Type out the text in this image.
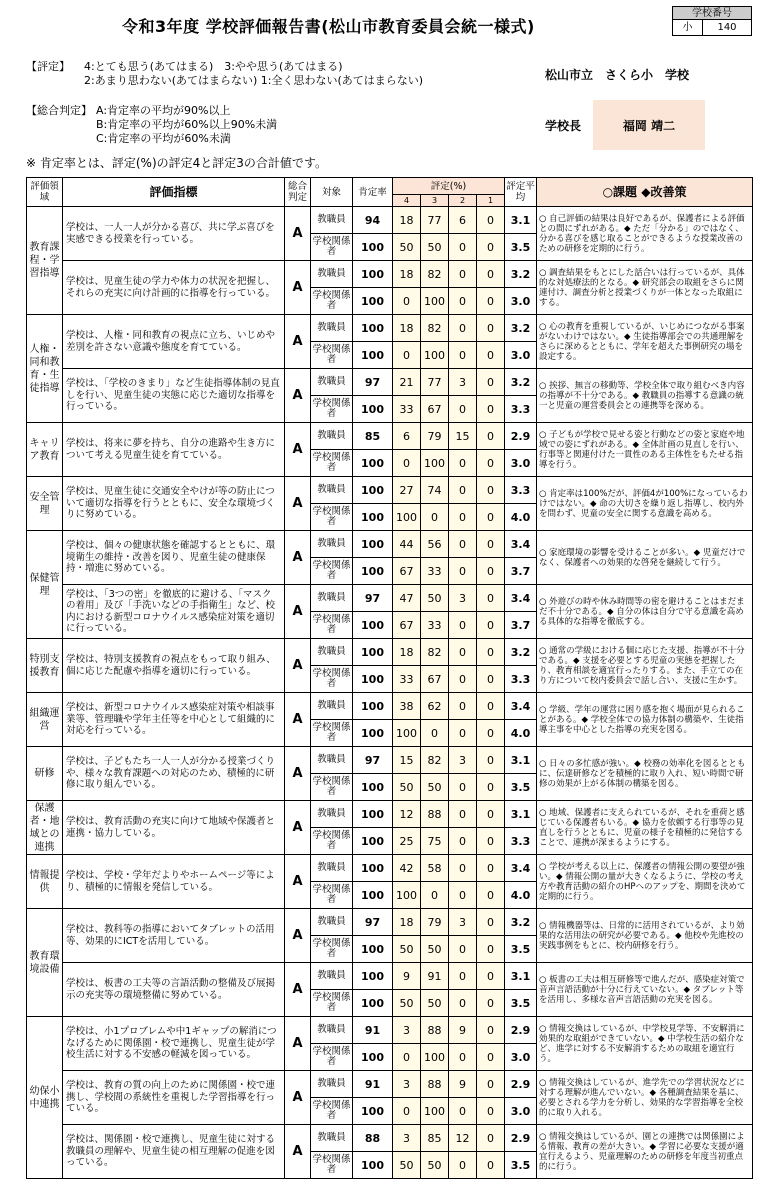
令和3年度 学校評価報告書(松山市教育委員会統一様式)
学校番号
小	140
【評定】	4:とても思う(あてはまる)　3:やや思う(あてはまる)
2:あまり思わない(あてはまらない) 1:全く思わない(あてはまらない)
【総合判定】 A:肯定率の平均が90%以上
B:肯定率の平均が60%以上90%未満
C:肯定率の平均が60%未満
松山市立 さくら小 学校
学校長	福岡 靖二
※ 肯定率とは、評定(%)の評定4と評定3の合計値です。
評価領域	評価指標	総合判定	対象	肯定率	評定(%)				評定平均	○課題 ◆改善策
					4	3	2	1		
教育課程・学習指導	学校は、一人一人が分かる喜び、共に学ぶ喜びを実感できる授業を行っている。	A	教職員	94	18	77	6	0	3.1	○ 自己評価の結果は良好であるが、保護者による評価との間にずれがある。◆ ただ「分かる」のではなく、分かる喜びを感じ取ることができるような授業改善のための研修を定期的に行う。
			学校関係者	100	50	50	0	0	3.5	
	学校は、児童生徒の学力や体力の状況を把握し、それらの充実に向け計画的に指導を行っている。	A	教職員	100	18	82	0	0	3.2	○ 調査結果をもとにした話合いは行っているが、具体的な対処療法的となる。◆ 研究部会の取組をさらに関連付け、調査分析と授業づくりが一体となった取組にする。
			学校関係者	100	0	100	0	0	3.0	
人権・同和教育・生徒指導	学校は、人権・同和教育の視点に立ち、いじめや差別を許さない意識や態度を育てている。	A	教職員	100	18	82	0	0	3.2	○ 心の教育を重視しているが、いじめにつながる事案がないわけではない。◆ 生徒指導部会での共通理解をさらに深めるとともに、学年を超えた事例研究の場を設定する。
			学校関係者	100	0	100	0	0	3.0	
	学校は、「学校のきまり」など生徒指導体制の見直しを行い、児童生徒の実態に応じた適切な指導を行っている。	A	教職員	97	21	77	3	0	3.2	○ 挨拶、無言の移動等、学校全体で取り組むべき内容の指導が不十分である。◆ 教職員の指導する意識の統一と児童の運営委員会との連携等を深める。
			学校関係者	100	33	67	0	0	3.3	
キャリア教育	学校は、将来に夢を持ち、自分の進路や生き方について考える児童生徒を育てている。	A	教職員	85	6	79	15	0	2.9	○ 子どもが学校で見せる姿と行動などの姿と家庭や地域での姿にずれがある。◆ 全体計画の見直しを行い、行事等と関連付けた一貫性のある主体性をもたせる指導を行う。
			学校関係者	100	0	100	0	0	3.0	
安全管理	学校は、児童生徒に交通安全やけが等の防止について適切な指導を行うとともに、安全な環境づくりに努めている。	A	教職員	100	27	74	0	0	3.3	○ 肯定率は100%だが、評価4が100%になっているわけではない。◆ 命の大切さを繰り返し指導し、校内外を問わず、児童の安全に関する意識を高める。
			学校関係者	100	100	0	0	0	4.0	
保健管理	学校は、個々の健康状態を確認するとともに、環境衛生の維持・改善を図り、児童生徒の健康保持・増進に努めている。	A	教職員	100	44	56	0	0	3.4	○ 家庭環境の影響を受けることが多い。◆ 児童だけでなく、保護者への効果的な啓発を継続して行う。
			学校関係者	100	67	33	0	0	3.7	
	学校は、「3つの密」を徹底的に避ける、「マスクの着用」及び「手洗いなどの手指衛生」など、校内における新型コロナウイルス感染症対策を適切に行っている。	A	教職員	97	47	50	3	0	3.4	○ 外遊びの時や休み時間等の密を避けることはまだまだ不十分である。◆ 自分の体は自分で守る意識を高める具体的な指導を徹底する。
			学校関係者	100	67	33	0	0	3.7	
特別支援教育	学校は、特別支援教育の視点をもって取り組み、個に応じた配慮や指導を適切に行っている。	A	教職員	100	18	82	0	0	3.2	○ 通常の学級における個に応じた支援、指導が不十分である。◆ 支援を必要とする児童の実態を把握したり、教育相談を適宜行ったりする。また、手立ての在り方について校内委員会で話し合い、支援に生かす。
			学校関係者	100	33	67	0	0	3.3	
組織運営	学校は、新型コロナウイルス感染症対策や相談事業等、管理職や学年主任等を中心として組織的に対応を行っている。	A	教職員	100	38	62	0	0	3.4	○ 学級、学年の運営に困り感を抱く場面が見られることがある。◆ 学校全体での協力体制の構築や、生徒指導主事を中心とした指導の充実を図る。
			学校関係者	100	100	0	0	0	4.0	
研修	学校は、子どもたち一人一人が分かる授業づくりや、様々な教育課題への対応のため、積極的に研修に取り組んでいる。	A	教職員	97	15	82	3	0	3.1	○ 日々の多忙感が強い。◆ 校務の効率化を図るとともに、伝達研修などを積極的に取り入れ、短い時間で研修の効果が上がる体制の構築を図る。
			学校関係者	100	50	50	0	0	3.5	
保護者・地域との連携	学校は、教育活動の充実に向けて地域や保護者と連携・協力している。	A	教職員	100	12	88	0	0	3.1	○ 地域、保護者に支えられているが、それを重荷と感じている保護者もいる。◆ 協力を依頼する行事等の見直しを行うとともに、児童の様子を積極的に発信することで、連携が深まるようにする。
			学校関係者	100	25	75	0	0	3.3	
情報提供	学校は、学校・学年だよりやホームページ等により、積極的に情報を発信している。	A	教職員	100	42	58	0	0	3.4	○ 学校が考える以上に、保護者の情報公開の要望が強い。◆ 情報公開の量が大きくなるように、学校の考え方や教育活動の紹介のHPへのアップを、期間を決めて定期的に行う。
			学校関係者	100	100	0	0	0	4.0	
教育環境設備	学校は、教科等の指導においてタブレットの活用等、効果的にICTを活用している。	A	教職員	97	18	79	3	0	3.2	○ 情報機器等は、日常的に活用されているが、より効果的な活用法の研究が必要である。◆ 他校や先進校の実践事例をもとに、校内研修を行う。
			学校関係者	100	50	50	0	0	3.5	
	学校は、板書の工夫等の言語活動の整備及び展掲示の充実等の環境整備に努めている。	A	教職員	100	9	91	0	0	3.1	○ 板書の工夫は相互研修等で進んだが、感染症対策で音声言語活動が十分に行えていない。◆ タブレット等を活用し、多様な音声言語活動の充実を図る。
			学校関係者	100	50	50	0	0	3.5	
幼保小中連携	学校は、小1プロブレムや中1ギャップの解消につなげるために関係園・校で連携し、児童生徒が学校生活に対する不安感の軽減を図っている。	A	教職員	91	3	88	9	0	2.9	○ 情報交換はしているが、中学校見学等、不安解消に効果的な取組ができていない。◆ 中学校生活の紹介など、進学に対する不安解消するための取組を適宜行う。
			学校関係者	100	0	100	0	0	3.0	
	学校は、教育の質の向上のために関係園・校で連携し、学校間の系統性を重視した学習指導を行っている。	A	教職員	91	3	88	9	0	2.9	○ 情報交換はしているが、進学先での学習状況などに対する理解が進んでいない。◆ 各種調査結果を基に、必要とされる学力を分析し、効果的な学習指導を全校的に取り入れる。
			学校関係者	100	0	100	0	0	3.0	
	学校は、関係園・校で連携し、児童生徒に対する教職員の理解や、児童生徒の相互理解の促進を図っている。	A	教職員	88	3	85	12	0	2.9	○ 情報交換はしているが、園との連携では関係園による情報、教育の差が大きい。◆ 学習に必要な支援が適宜行えるよう、児童理解のための研修を年度当初重点的に行う。
			学校関係者	100	50	50	0	0	3.5	
